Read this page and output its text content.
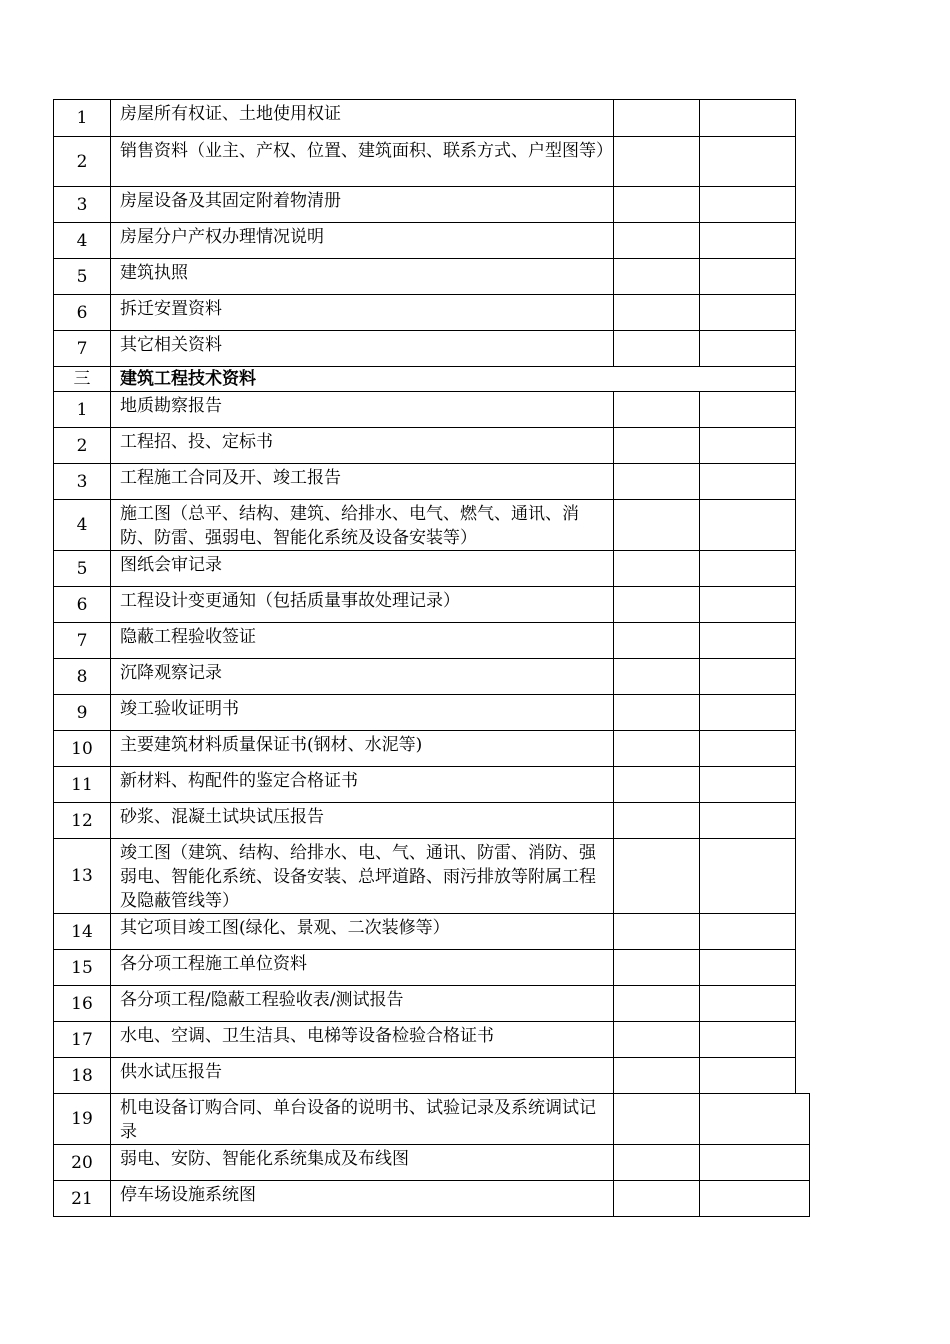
1	房屋所有权证、土地使用权证			
2	销售资料（业主、产权、位置、建筑面积、联系方式、户型图等）			
3	房屋设备及其固定附着物清册			
4	房屋分户产权办理情况说明			
5	建筑执照			
6	拆迁安置资料			
7	其它相关资料			
三	建筑工程技术资料			
1	地质勘察报告			
2	工程招、投、定标书			
3	工程施工合同及开、竣工报告			
4	施工图（总平、结构、建筑、给排水、电气、燃气、通讯、消防、防雷、强弱电、智能化系统及设备安装等）			
5	图纸会审记录			
6	工程设计变更通知（包括质量事故处理记录）			
7	隐蔽工程验收签证			
8	沉降观察记录			
9	竣工验收证明书			
10	主要建筑材料质量保证书(钢材、水泥等)			
11	新材料、构配件的鉴定合格证书			
12	砂浆、混凝土试块试压报告			
13	竣工图（建筑、结构、给排水、电、气、通讯、防雷、消防、强弱电、智能化系统、设备安装、总坪道路、雨污排放等附属工程及隐蔽管线等）			
14	其它项目竣工图(绿化、景观、二次装修等）			
15	各分项工程施工单位资料			
16	各分项工程/隐蔽工程验收表/测试报告			
17	水电、空调、卫生洁具、电梯等设备检验合格证书			
18	供水试压报告			
19	机电设备订购合同、单台设备的说明书、试验记录及系统调试记录			
20	弱电、安防、智能化系统集成及布线图			
21	停车场设施系统图			
